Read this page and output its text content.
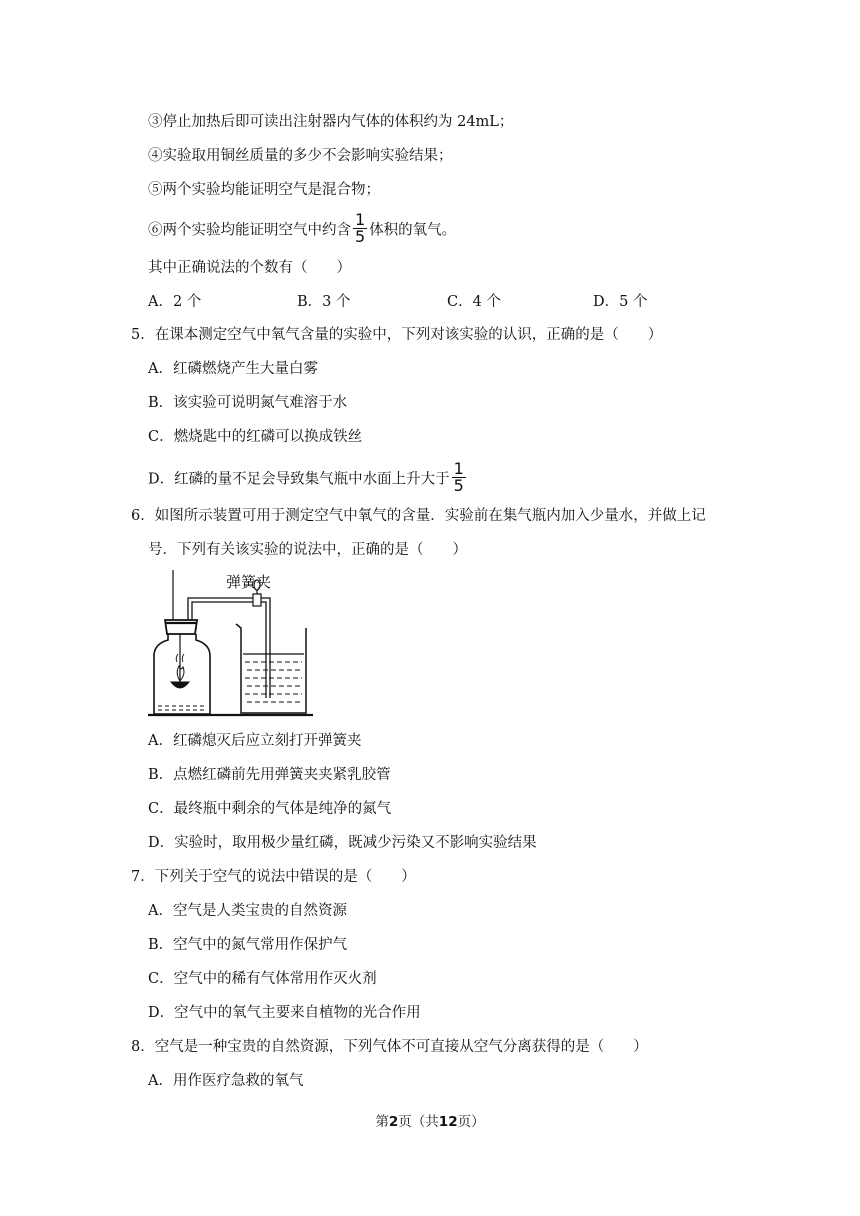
③停止加热后即可读出注射器内气体的体积约为 24mL；
④实验取用铜丝质量的多少不会影响实验结果；
⑤两个实验均能证明空气是混合物；
⑥两个实验均能证明空气中约含 $\frac{1}{5}$ 体积的氧气。
其中正确说法的个数有（　　）
A．2 个	B．3 个	C．4 个	D．5 个
5．在课本测定空气中氧气含量的实验中，下列对该实验的认识，正确的是（　　）
A．红磷燃烧产生大量白雾
B．该实验可说明氮气难溶于水
C．燃烧匙中的红磷可以换成铁丝
D．红磷的量不足会导致集气瓶中水面上升大于 $\frac{1}{5}$
6．如图所示装置可用于测定空气中氧气的含量．实验前在集气瓶内加入少量水，并做上记
号．下列有关该实验的说法中，正确的是（　　）
弹簧夹
A．红磷熄灭后应立刻打开弹簧夹
B．点燃红磷前先用弹簧夹夹紧乳胶管
C．最终瓶中剩余的气体是纯净的氮气
D．实验时，取用极少量红磷，既减少污染又不影响实验结果
7．下列关于空气的说法中错误的是（　　）
A．空气是人类宝贵的自然资源
B．空气中的氮气常用作保护气
C．空气中的稀有气体常用作灭火剂
D．空气中的氧气主要来自植物的光合作用
8．空气是一种宝贵的自然资源，下列气体不可直接从空气分离获得的是（　　）
A．用作医疗急救的氧气
第2页（共12页）
